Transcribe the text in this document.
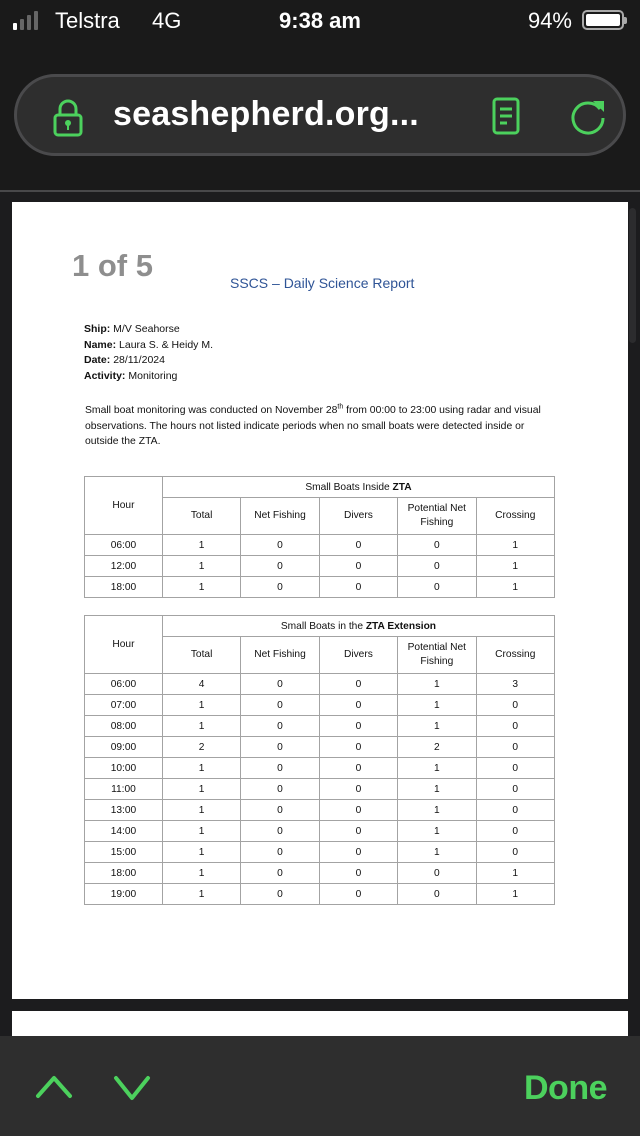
Telstra 4G	9:38 am	94%
seashepherd.org...
1 of 5	SSCS – Daily Science Report
Ship: M/V Seahorse
Name: Laura S. & Heidy M.
Date: 28/11/2024
Activity: Monitoring
Small boat monitoring was conducted on November 28th from 00:00 to 23:00 using radar and visual observations. The hours not listed indicate periods when no small boats were detected inside or outside the ZTA.
Hour	Small Boats Inside ZTA				
	Total	Net Fishing	Divers	Potential Net Fishing	Crossing
06:00	1	0	0	0	1
12:00	1	0	0	0	1
18:00	1	0	0	0	1
Hour	Small Boats in the ZTA Extension				
	Total	Net Fishing	Divers	Potential Net Fishing	Crossing
06:00	4	0	0	1	3
07:00	1	0	0	1	0
08:00	1	0	0	1	0
09:00	2	0	0	2	0
10:00	1	0	0	1	0
11:00	1	0	0	1	0
13:00	1	0	0	1	0
14:00	1	0	0	1	0
15:00	1	0	0	1	0
18:00	1	0	0	0	1
19:00	1	0	0	0	1
Done
